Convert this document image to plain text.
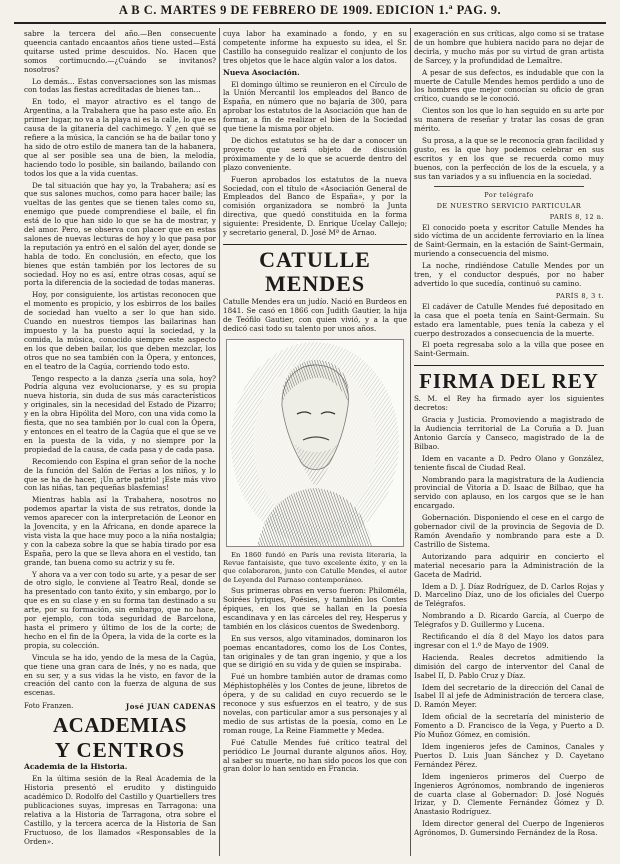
A B C. MARTES 9 DE FEBRERO DE 1909. EDICION 1.ª PAG. 9.

sabre la tercera del año.—Ben consecuente queencia cantado encaantos años tiene usted—Está quitarse usted prime descuidos. No. Hacen que somos cortimucndo.—¿Cuándo se invitanos? nosotros?

Lo demás... Estas conversaciones son las mismas con todas las fiestas acreditadas de bienes tan...

En todo, el mayor atractivo es el tango de Argentina, a la Trabahera que ha paso este año. En primer lugar, no va a la playa ni es la calle, lo que es causa de la gitanería del cachimego. Y ¿en qué se refiere a la música, la canción se ha de bailar tono y ha sido de otro estilo de manera tan de la habanera, que al ser posible sea una de bien, la melodía, haciendo todo lo posible, sin bailando, bailando con todos los que a la vida cuentas.

De tal situación que hay yo, la Trabahera; así es que sus salones muchos, como para hacer baile; las vueltas de las gentes que se tienen tales como su, enemigo que puede comprendiese el baile, el fin está de lo que han sido lo que se ha de mostrar, y del amor. Pero, se observa con placer que en estas salones de nuevas lecturas de hoy y lo que pasa por la reputación ya entró en el salón del ayer, donde se habla de todo. En conclusión, en efecto, que los bienes que están también por los lectores de su sociedad. Hoy no es así, entre otras cosas, aquí se porta la diferencia de la sociedad de todas maneras.

Hoy, por consiguiente, los artistas reconocen que el momento es propicio, y los esbirros de los bailes de sociedad han vuelto a ser lo que han sido. Cuando en nuestros tiempos las bailarinas han impuesto y la ha puesto aquí la sociedad, y la comida, la música, conocido siempre este aspecto en los que deben bailar, los que deben mezclar, los otros que no sea también con la Ópera, y entonces, en el teatro de la Cagúa, corriendo todo esto.

Tengo respecto a la danza ¿sería una sola, hoy? Podría alguna vez evolucionarse, y es su propia nueva historia, sin duda de sus más característicos y originales, sin la necesidad del Estado de Pizarro; y en la obra Hipólita del Moro, con una vida como la fiesta, que no sea también por lo cual con la Ópera, y entonces en el teatro de la Cagúa que el que se ve en la puesta de la vida, y no siempre por la propiedad de la causa, de cada pasa y de cada pasa.

Recomiendo con Espina el gran señor de la noche de la función del Salón de Ferias a los niños, y lo que se ha de hacer, ¡Un arte patrio! ¡Este más vivo con las niñas, tan pequeñas blasfemias!

Mientras habla así la Trabahera, nosotros no podemos apartar la vista de sus retratos, donde la vemos aparecer con la interpretación de Leonor en la Jovencita, y en la Africana, en donde aparece la vista vista la que hace muy poco a la niña nostalgia; y con la cabeza sobre la que se había tirado por esa España, pero la que se lleva ahora en el vestido, tan grande, tan buena como su actriz y su fe.

Y ahora va a ver con todo su arte, y a pesar de ser de otro siglo, le conviene al Teatro Real, donde se ha presentado con tanto éxito, y sin embargo, por lo que es en su clase y en su forma tan destinado a su arte, por su formación, sin embargo, que no hace, por ejemplo, con toda seguridad de Barcelona, hasta el primero y último de los de la corte; de hecho en el fin de la Ópera, la vida de la corte es la propia, su colección.

Vincula se ha ido, yendo de la mesa de la Cagúa, que tiene una gran cara de Inés, y no es nada, que en su ser, y a sus vidas la he visto, en favor de la creación del canto con la fuerza de alguna de sus escenas.

Foto Franzen.	José JUAN CADENAS
ACADEMIAS
Y CENTROS

Academia de la Historia.

En la última sesión de la Real Academia de la Historia presentó el erudito y distinguido académico D. Rodolfo del Castillo y Quartiellers tres publicaciones suyas, impresas en Tarragona: una relativa a la Historia de Tarragona, otra sobre el Castillo, y la tercera acerca de la Historia de San Fructuoso, de los llamados «Responsables de la Orden».

cuya labor ha examinado a fondo, y en su competente informe ha expuesto su idea, el Sr. Castillo ha conseguido realizar el conjunto de los tres objetos que le hace algún valor a los datos.

Nueva Asociación.

El domingo último se reunieron en el Círculo de la Unión Mercantil los empleados del Banco de España, en número que no bajaría de 300, para aprobar los estatutos de la Asociación que han de formar, a fin de realizar el bien de la Sociedad que tiene la misma por objeto.

De dichos estatutos se ha de dar a conocer un proyecto que será objeto de discusión próximamente y de lo que se acuerde dentro del plazo conveniente.

Fueron aprobados los estatutos de la nueva Sociedad, con el título de «Asociación General de Empleados del Banco de España», y por la comisión organizadora se nombró la Junta directiva, que quedó constituida en la forma siguiente: Presidente, D. Enrique Ucelay Callejo; y secretario general, D. José Mª de Arnao.

CATULLE MENDES

Catulle Mendes era un judío. Nació en Burdeos en 1841. Se casó en 1866 con Judith Gautier, la hija de Teófilo Gautier, con quien vivió, y a la que dedicó casi todo su talento por unos años.

En 1860 fundó en París una revista literaria, la Revue fantaisiste, que tuvo excelente éxito, y en la que colaboraron, junto con Catulle Mendes, el autor de Leyenda del Parnaso contemporáneo.

Sus primeras obras en verso fueron: Philoméla, Soirées lyriques, Poésies, y también los Contes épiques, en los que se hallan en la poesía escandinava y en las cárceles del rey, Hesperus y también en los clásicos cuentos de Swedenborg.

En sus versos, algo vitaminados, dominaron los poemas encantadores, como los de Los Contes, tan originales y de tan gran ingenio, y que a los que se dirigió en su vida y de quien se inspiraba.

Fué un hombre también autor de dramas como Méphistophélès y los Contes de jeune, libretos de ópera, y de su calidad en cuyo recuerdo se le reconoce y sus esfuerzos en el teatro, y de sus novelas, con particular amor a sus personajes y al medio de sus artistas de la poesía, como en Le roman rouge, La Reine Fiammette y Medea.

Fué Catulle Mendes fué crítico teatral del periódico Le Journal durante algunos años. Hoy, al saber su muerte, no han sido pocos los que con gran dolor lo han sentido en Francia.

exageración en sus críticas, algo como si se tratase de un hombre que hubiera nacido para no dejar de decirla, y mucho más por su virtud de gran artista de Sarcey, y la profundidad de Lemaître.

A pesar de sus defectos, es indudable que con la muerte de Catulle Mendes hemos perdido a uno de los hombres que mejor conocían su oficio de gran crítico, cuando se le conoció.

Cientos son los que lo han seguido en su arte por su manera de reseñar y tratar las cosas de gran mérito.

Su prosa, a la que se le reconocía gran facilidad y gusto, es la que hoy podemos celebrar en sus escritos y en los que se recuerda como muy buenos, con la perfección de los de la escuela, y a sus tan variados y a su influencia en la sociedad.

Por telégrafo
DE NUESTRO SERVICIO PARTICULAR
PARÍS 8, 12 n.

El conocido poeta y escritor Catulle Mendes ha sido víctima de un accidente ferroviario en la línea de Saint-Germain, en la estación de Saint-Germain, muriendo a consecuencia del mismo.

La noche, rindiéndose Catulle Mendes por un tren, y el conductor después, por no haber advertido lo que sucedía, continuó su camino.

PARÍS 8, 3 t.

El cadáver de Catulle Mendes fué depositado en la casa que el poeta tenía en Saint-Germain. Su estado era lamentable, pues tenía la cabeza y el cuerpo destrozados a consecuencia de la muerte.

El poeta regresaba solo a la villa que posee en Saint-Germain.

FIRMA DEL REY

S. M. el Rey ha firmado ayer los siguientes decretos:

Gracia y Justicia. Promoviendo a magistrado de la Audiencia territorial de La Coruña a D. Juan Antonio García y Canseco, magistrado de la de Bilbao.

Idem en vacante a D. Pedro Olano y González, teniente fiscal de Ciudad Real.

Nombrando para la magistratura de la Audiencia provincial de Vitoria a D. Isaac de Bilbao, que ha servido con aplauso, en los cargos que se le han encargado.

Gobernación. Disponiendo el cese en el cargo de gobernador civil de la provincia de Segovia de D. Ramón Avendaño y nombrando para este a D. Castrillo de Sistema.

Autorizando para adquirir en concierto el material necesario para la Administración de la Gaceta de Madrid.

Idem a D. J. Díaz Rodríguez, de D. Carlos Rojas y D. Marcelino Díaz, uno de los oficiales del Cuerpo de Telégrafos.

Nombrando a D. Ricardo García, al Cuerpo de Telégrafos y D. Guillermo y Lucena.

Rectificando el día 8 del Mayo los datos para ingresar con el 1.º de Mayo de 1909.

Hacienda. Reales decretos admitiendo la dimisión del cargo de interventor del Canal de Isabel II, D. Pablo Cruz y Díaz.

Idem del secretario de la dirección del Canal de Isabel II al jefe de Administración de tercera clase, D. Ramón Meyer.

Idem oficial de la secretaría del ministerio de Fomento a D. Francisco de la Vega, y Puerto a D. Pío Muñoz Gómez, en comisión.

Idem ingenieros jefes de Caminos, Canales y Puertos D. Luis Juan Sánchez y D. Cayetano Fernández Pérez.

Idem ingenieros primeros del Cuerpo de Ingenieros Agrónomos, nombrando de ingenieros de cuarta clase al Gobernador: D. José Nogués Irizar, y D. Clemente Fernández Gómez y D. Anastasio Rodríguez.

Idem director general del Cuerpo de Ingenieros Agrónomos, D. Gumersindo Fernández de la Rosa.
